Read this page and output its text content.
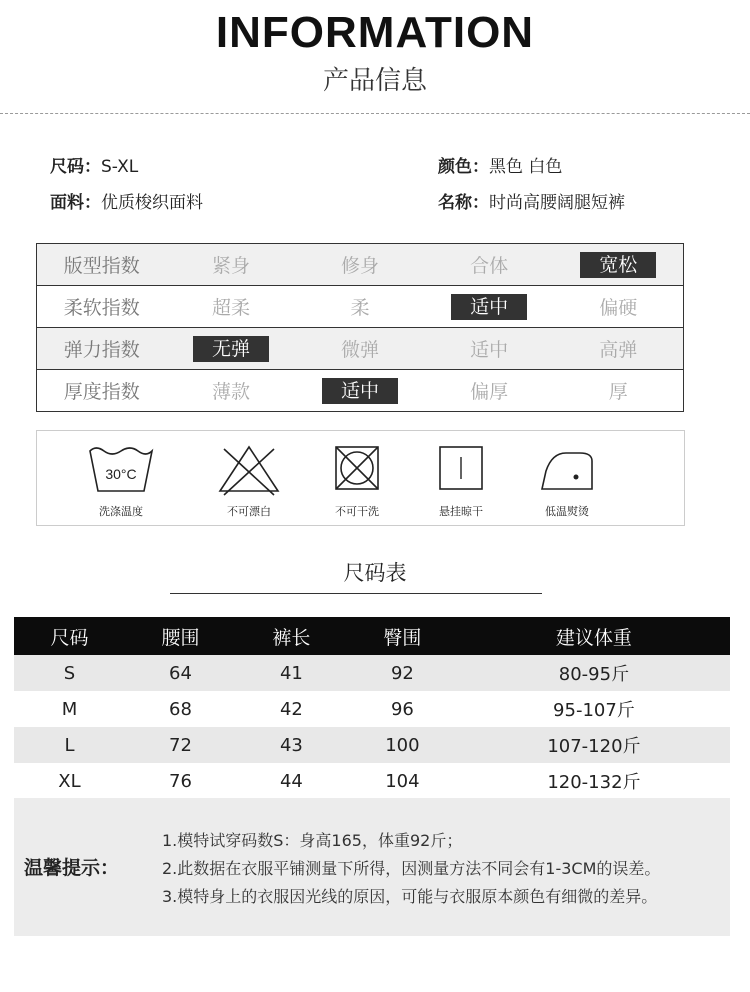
INFORMATION
产品信息
尺码：S-XL	颜色：黑色 白色
面料：优质梭织面料	名称：时尚高腰阔腿短裤
版型指数	紧身	修身	合体	宽松
柔软指数	超柔	柔	适中	偏硬
弹力指数	无弹	微弹	适中	高弹
厚度指数	薄款	适中	偏厚	厚
30°C
洗涤温度	不可漂白	不可干洗	悬挂晾干	低温熨烫
尺码表
尺码	腰围	裤长	臀围	建议体重
S	64	41	92	80-95斤
M	68	42	96	95-107斤
L	72	43	100	107-120斤
XL	76	44	104	120-132斤
温馨提示：
1.模特试穿码数S：身高165，体重92斤；
2.此数据在衣服平铺测量下所得，因测量方法不同会有1-3CM的误差。
3.模特身上的衣服因光线的原因，可能与衣服原本颜色有细微的差异。
